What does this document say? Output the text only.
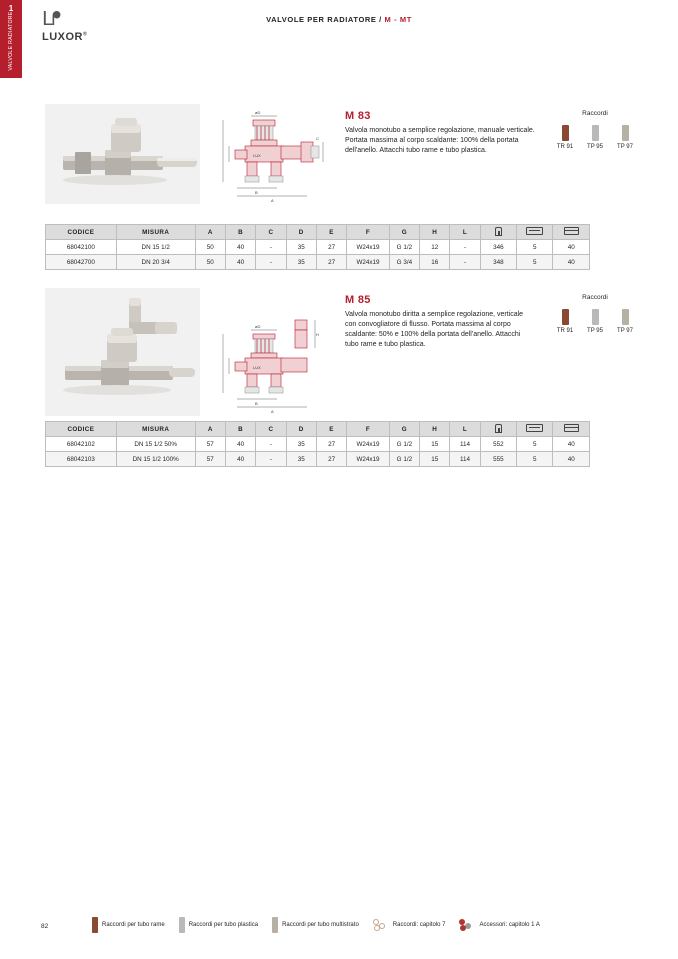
1
VALVOLE RADIATORE ᒪᖰ
LUXOR®
VALVOLE PER RADIATORE / M - MT
øD
LUX
C
B
A
M 83
Valvola monotubo a semplice regolazione, manuale verticale. Portata massima al corpo scaldante: 100% della portata dell'anello. Attacchi tubo rame e tubo plastica.
Raccordi
TR 91	TP 95	TP 97
CODICE	MISURA	A	B	C	D	E	F	G	H	L			
68042100	DN 15 1/2	50	40	-	35	27	W24x19	G 1/2	12	-	346	5	40
68042700	DN 20 3/4	50	40	-	35	27	W24x19	G 3/4	16	-	348	5	40
H
øD
LUX
B
A
M 85
Valvola monotubo diritta a semplice regolazione, verticale con convogliatore di flusso. Portata massima al corpo scaldante: 50% e 100% della portata dell'anello. Attacchi tubo rame e tubo plastica.
Raccordi
TR 91	TP 95	TP 97
CODICE	MISURA	A	B	C	D	E	F	G	H	L			
68042102	DN 15 1/2 50%	57	40	-	35	27	W24x19	G 1/2	15	114	552	5	40
68042103	DN 15 1/2 100%	57	40	-	35	27	W24x19	G 1/2	15	114	555	5	40
82	Raccordi per tubo rame	Raccordi per tubo plastica	Raccordi per tubo multistrato	Raccordi: capitolo 7	Accessori: capitolo 1 A
